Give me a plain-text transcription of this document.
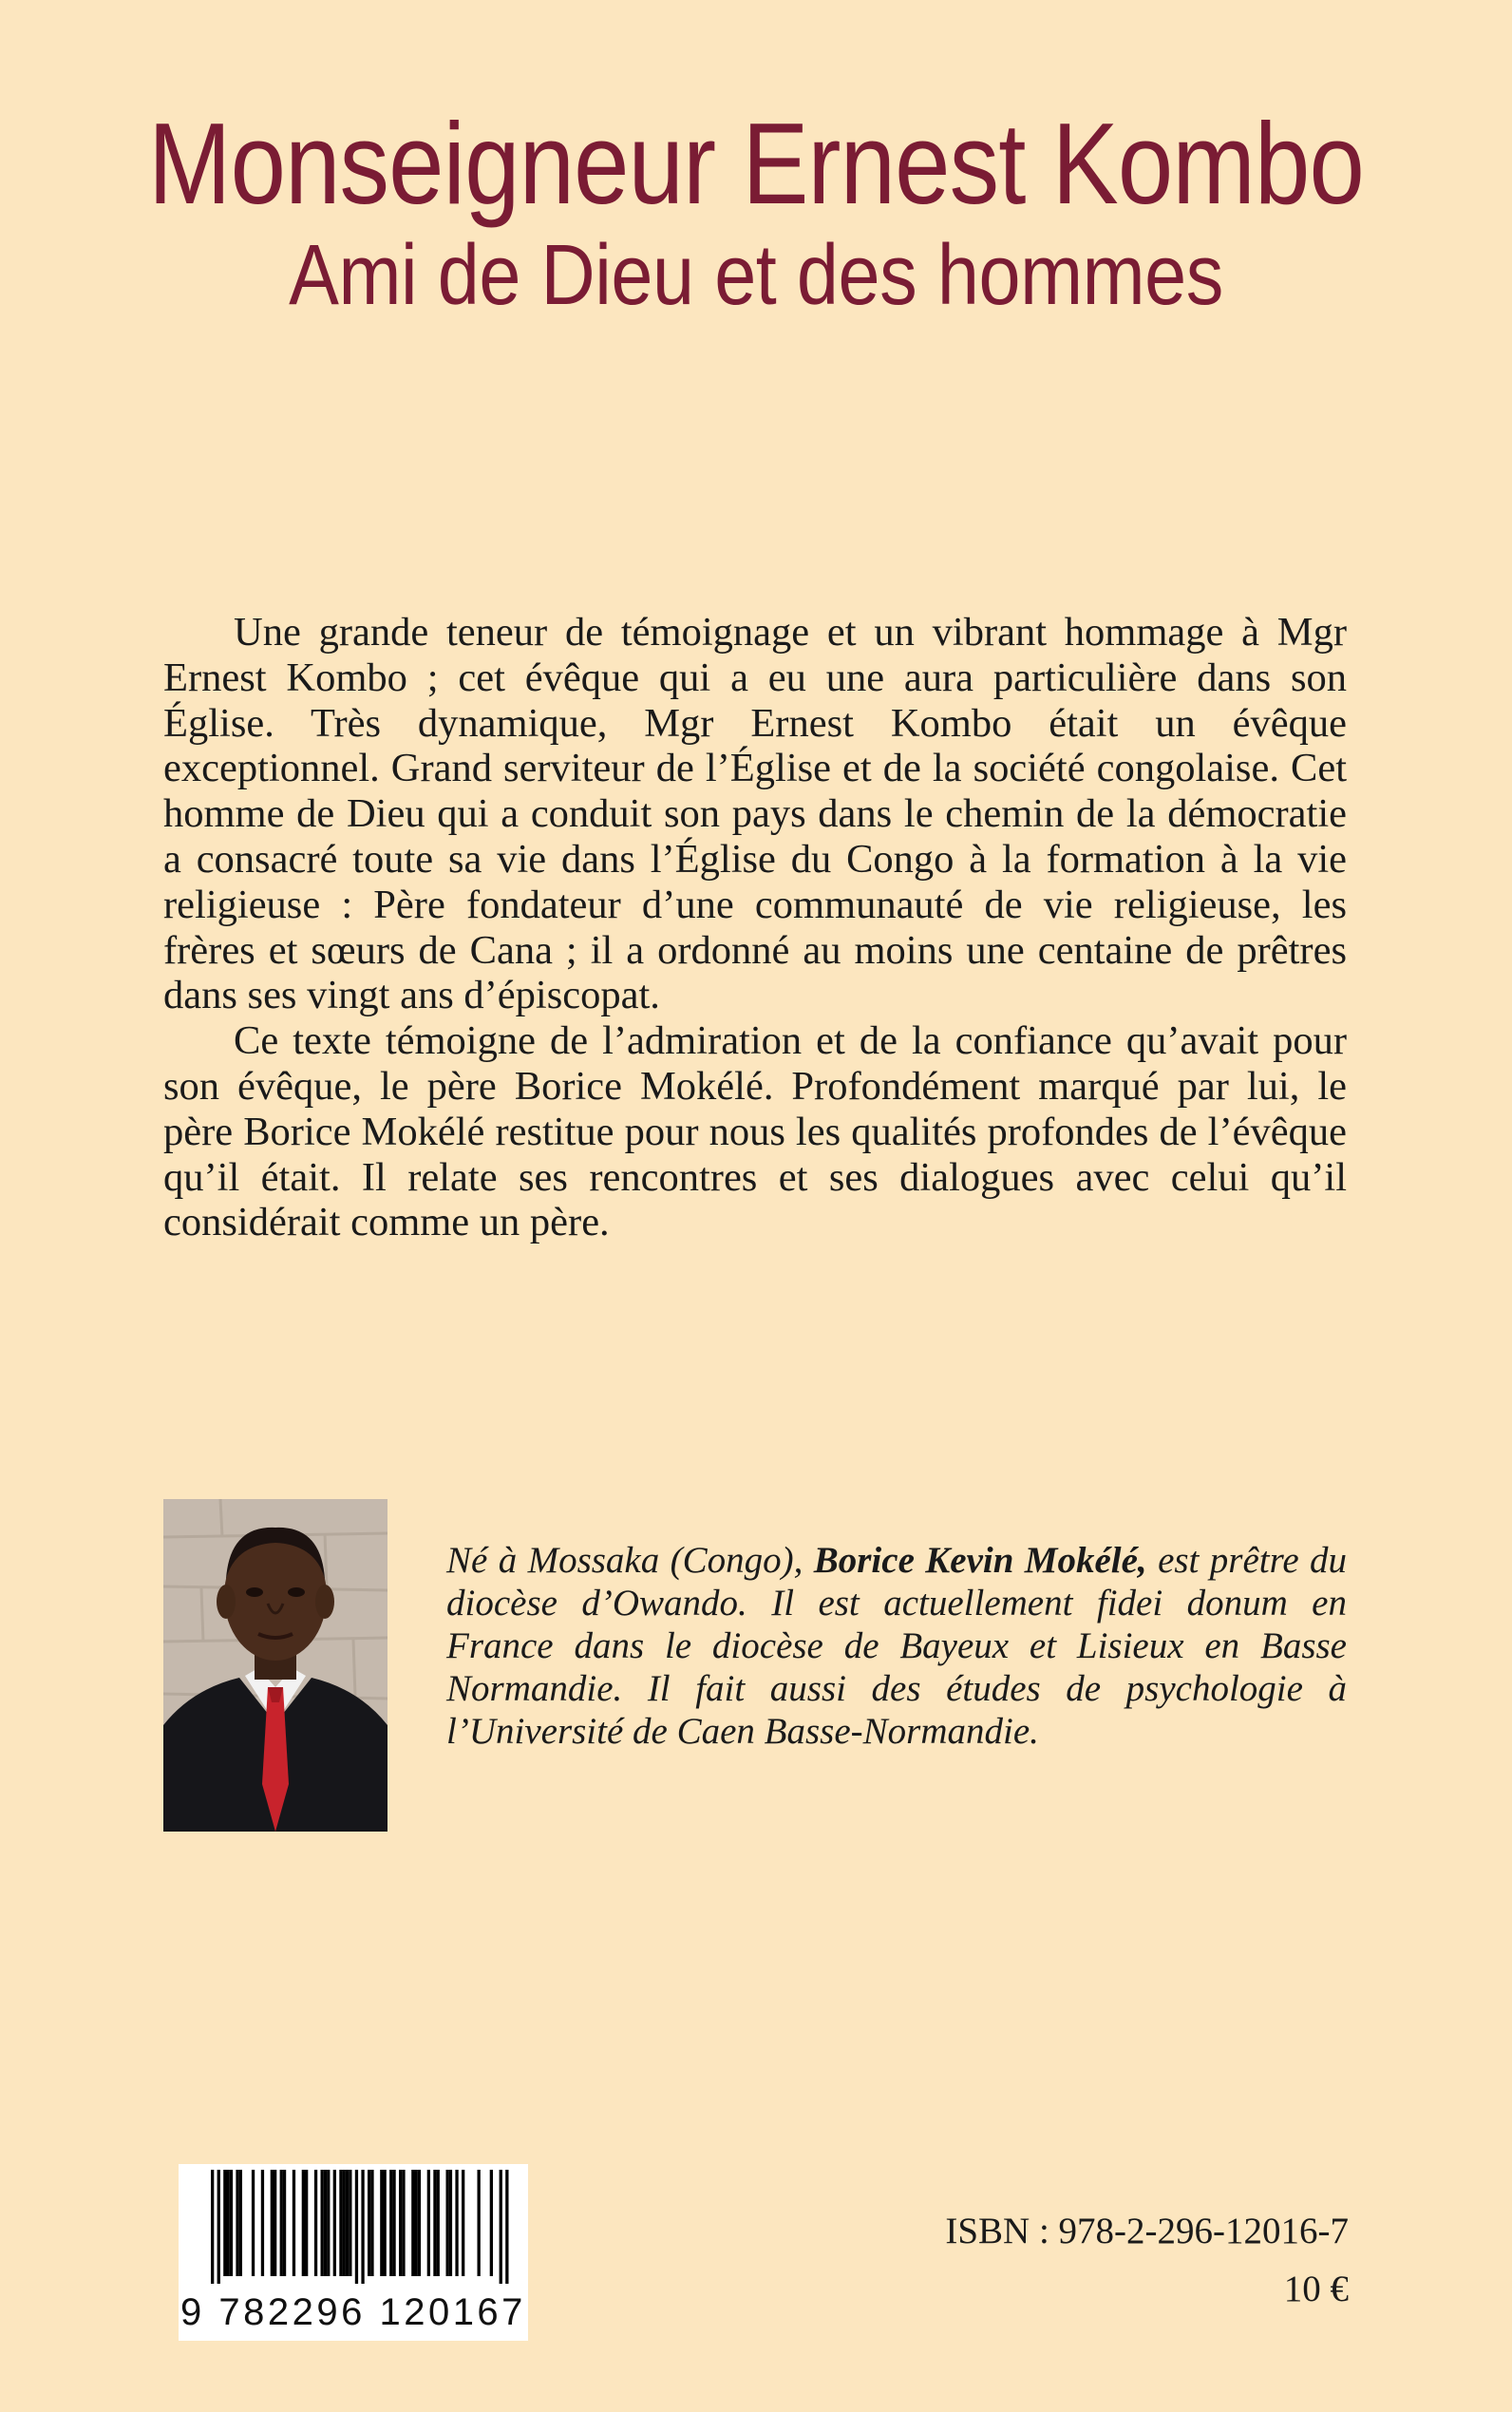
Monseigneur Ernest Kombo
Ami de Dieu et des hommes

Une grande teneur de témoignage et un vibrant hommage à Mgr Ernest Kombo ; cet évêque qui a eu une aura particulière dans son Église. Très dynamique, Mgr Ernest Kombo était un évêque exceptionnel. Grand serviteur de l’Église et de la société congolaise. Cet homme de Dieu qui a conduit son pays dans le chemin de la démocratie a consacré toute sa vie dans l’Église du Congo à la formation à la vie religieuse : Père fondateur d’une communauté de vie religieuse, les frères et sœurs de Cana ; il a ordonné au moins une centaine de prêtres dans ses vingt ans d’épiscopat.

Ce texte témoigne de l’admiration et de la confiance qu’avait pour son évêque, le père Borice Mokélé. Profondément marqué par lui, le père Borice Mokélé restitue pour nous les qualités profondes de l’évêque qu’il était. Il relate ses rencontres et ses dialogues avec celui qu’il considérait comme un père.

Né à Mossaka (Congo), Borice Kevin Mokélé, est prêtre du diocèse d’Owando. Il est actuellement fidei donum en France dans le diocèse de Bayeux et Lisieux en Basse Normandie. Il fait aussi des études de psychologie à l’Université de Caen Basse-Normandie.
9 782296 120167
ISBN : 978-2-296-12016-7
10 €
